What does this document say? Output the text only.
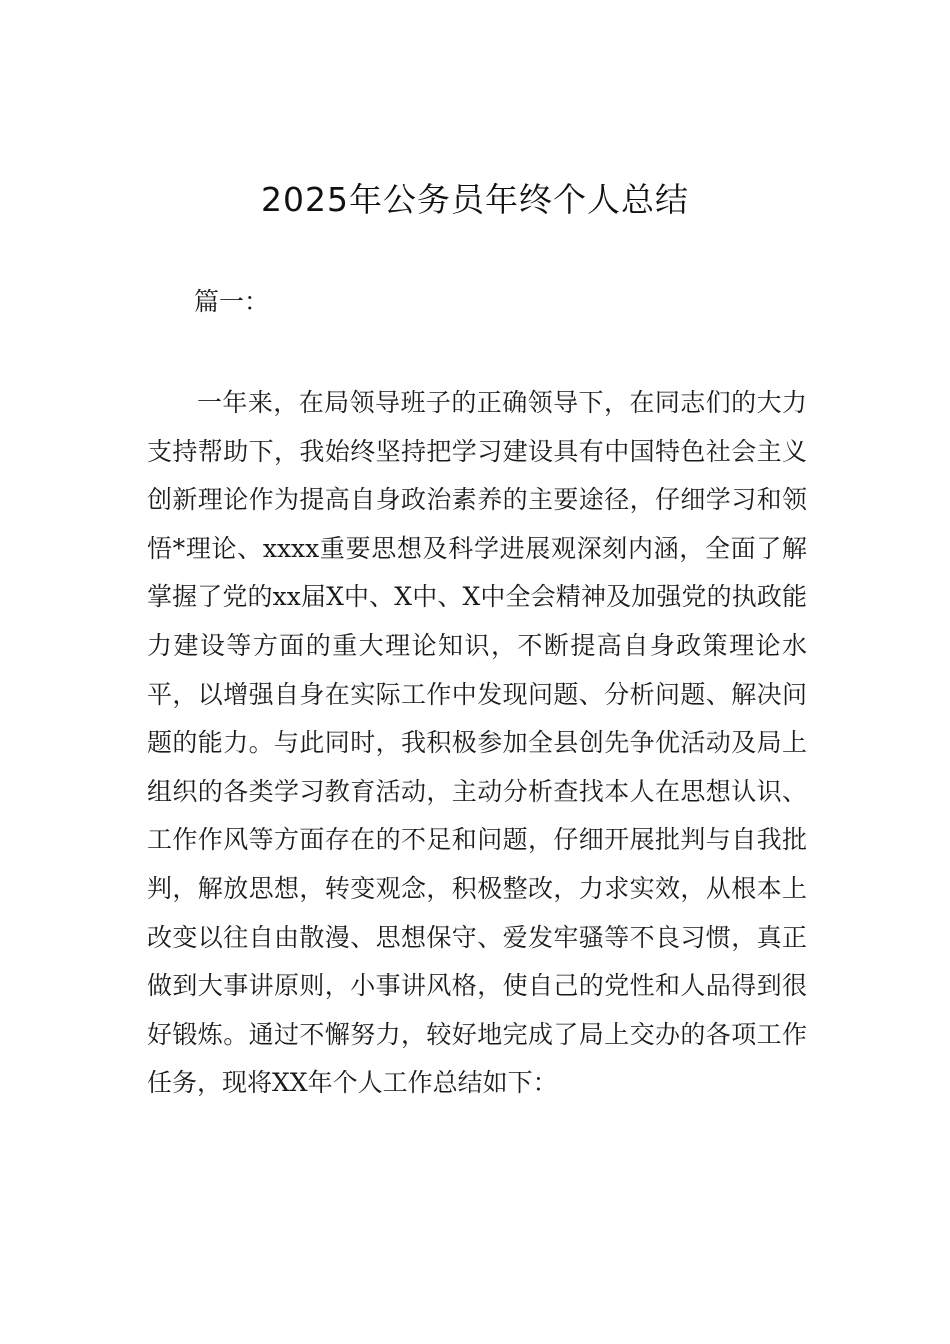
2025年公务员年终个人总结
篇一：

一年来，在局领导班子的正确领导下，在同志们的大力支持帮助下，我始终坚持把学习建设具有中国特色社会主义创新理论作为提高自身政治素养的主要途径，仔细学习和领悟*理论、xxxx重要思想及科学进展观深刻内涵，全面了解掌握了党的xx届X中、X中、X中全会精神及加强党的执政能力建设等方面的重大理论知识，不断提高自身政策理论水平，以增强自身在实际工作中发现问题、分析问题、解决问题的能力。与此同时，我积极参加全县创先争优活动及局上组织的各类学习教育活动，主动分析查找本人在思想认识、工作作风等方面存在的不足和问题，仔细开展批判与自我批判，解放思想，转变观念，积极整改，力求实效，从根本上改变以往自由散漫、思想保守、爱发牢骚等不良习惯，真正做到大事讲原则，小事讲风格，使自己的党性和人品得到很好锻炼。通过不懈努力，较好地完成了局上交办的各项工作任务，现将XX年个人工作总结如下：
